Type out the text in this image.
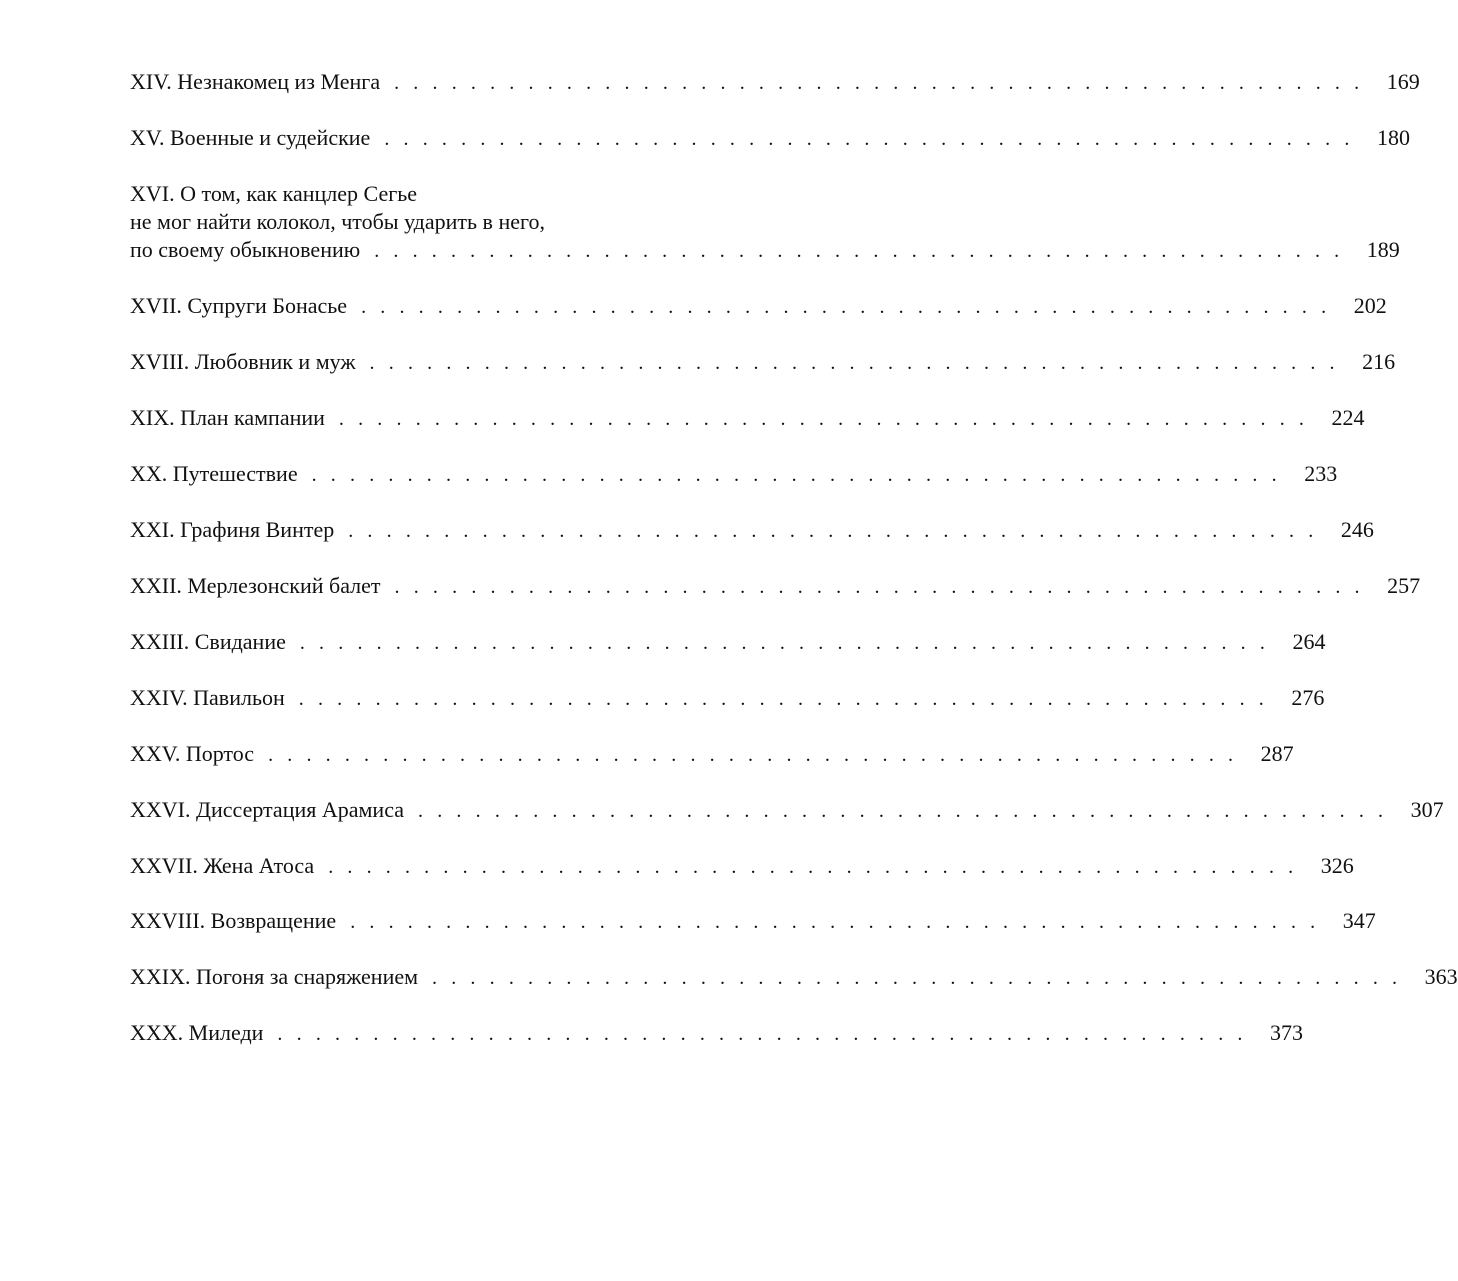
XIV. Незнакомец из Менга . . . . . . . . . . . . . . . . . . . . . . . . . . . . . . . . . . . . . . . . . . . . . . . . . . . 169
XV. Военные и судейские . . . . . . . . . . . . . . . . . . . . . . . . . . . . . . . . . . . . . . . . . . . . . . . . . . . 180
XVI. О том, как канцлер Сегье
не мог найти колокол, чтобы ударить в него,
по своему обыкновению . . . . . . . . . . . . . . . . . . . . . . . . . . . . . . . . . . . . . . . . . . . . . . . . . . . 189
XVII. Супруги Бонасье . . . . . . . . . . . . . . . . . . . . . . . . . . . . . . . . . . . . . . . . . . . . . . . . . . . 202
XVIII. Любовник и муж . . . . . . . . . . . . . . . . . . . . . . . . . . . . . . . . . . . . . . . . . . . . . . . . . . . 216
XIX. План кампании . . . . . . . . . . . . . . . . . . . . . . . . . . . . . . . . . . . . . . . . . . . . . . . . . . . 224
XX. Путешествие . . . . . . . . . . . . . . . . . . . . . . . . . . . . . . . . . . . . . . . . . . . . . . . . . . . 233
XXI. Графиня Винтер . . . . . . . . . . . . . . . . . . . . . . . . . . . . . . . . . . . . . . . . . . . . . . . . . . . 246
XXII. Мерлезонский балет . . . . . . . . . . . . . . . . . . . . . . . . . . . . . . . . . . . . . . . . . . . . . . . . . . . 257
XXIII. Свидание . . . . . . . . . . . . . . . . . . . . . . . . . . . . . . . . . . . . . . . . . . . . . . . . . . . 264
XXIV. Павильон . . . . . . . . . . . . . . . . . . . . . . . . . . . . . . . . . . . . . . . . . . . . . . . . . . . 276
XXV. Портос . . . . . . . . . . . . . . . . . . . . . . . . . . . . . . . . . . . . . . . . . . . . . . . . . . . 287
XXVI. Диссертация Арамиса . . . . . . . . . . . . . . . . . . . . . . . . . . . . . . . . . . . . . . . . . . . . . . . . . . . 307
XXVII. Жена Атоса . . . . . . . . . . . . . . . . . . . . . . . . . . . . . . . . . . . . . . . . . . . . . . . . . . . 326
XXVIII. Возвращение . . . . . . . . . . . . . . . . . . . . . . . . . . . . . . . . . . . . . . . . . . . . . . . . . . . 347
XXIX. Погоня за снаряжением . . . . . . . . . . . . . . . . . . . . . . . . . . . . . . . . . . . . . . . . . . . . . . . . . . . 363
XXX. Миледи . . . . . . . . . . . . . . . . . . . . . . . . . . . . . . . . . . . . . . . . . . . . . . . . . . . 373
